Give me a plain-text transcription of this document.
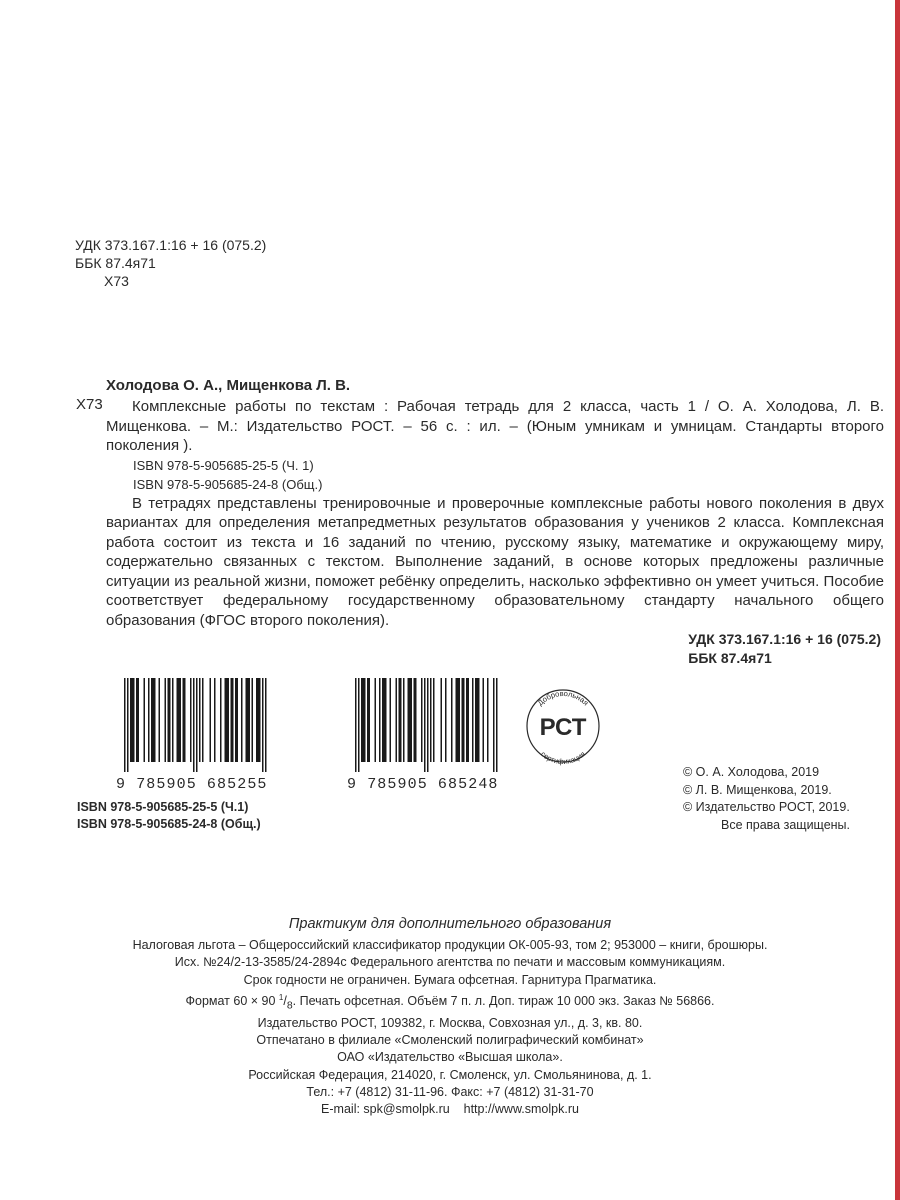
УДК 373.167.1:16 + 16 (075.2)
ББК 87.4я71
Х73
Холодова О. А., Мищенкова Л. В.
Х73	Комплексные работы по текстам : Рабочая тетрадь для 2 класса, часть 1 / О. А. Холодова, Л. В. Мищенкова. – М.: Издательство РОСТ. – 56 с. : ил. – (Юным умникам и умницам. Стандарты второго поколения ).

ISBN 978-5-905685-25-5 (Ч. 1)

ISBN 978-5-905685-24-8 (Общ.)

В тетрадях представлены тренировочные и проверочные комплексные работы нового поколения в двух вариантах для определения метапредметных результатов образования у учеников 2 класса. Комплексная работа состоит из текста и 16 заданий по чтению, русскому языку, математике и окружающему миру, содержательно связанных с текстом. Выполнение заданий, в основе которых предложены различные ситуации из реальной жизни, поможет ребёнку определить, насколько эффективно он умеет учиться. Пособие соответствует федеральному государственному образовательному стандарту начального общего образования (ФГОС второго поколения).

УДК 373.167.1:16 + 16 (075.2)
ББК 87.4я71
9 785905 685255	9 785905 685248
Добровольная
сертификация
РСТ
© О. А. Холодова, 2019
© Л. В. Мищенкова, 2019.
© Издательство РОСТ, 2019.
Все права защищены.
ISBN 978-5-905685-25-5 (Ч.1)
ISBN 978-5-905685-24-8 (Общ.)
Практикум для дополнительного образования
Налоговая льгота – Общероссийский классификатор продукции ОК-005-93, том 2; 953000 – книги, брошюры.
Исх. №24/2-13-3585/24-2894с Федерального агентства по печати и массовым коммуникациям.
Срок годности не ограничен. Бумага офсетная. Гарнитура Прагматика.
Формат 60 × 90 $^1/_8$. Печать офсетная. Объём 7 п. л. Доп. тираж 10 000 экз. Заказ № 56866.
Издательство РОСТ, 109382, г. Москва, Совхозная ул., д. 3, кв. 80.
Отпечатано в филиале «Смоленский полиграфический комбинат»
ОАО «Издательство «Высшая школа».
Российская Федерация, 214020, г. Смоленск, ул. Смольянинова, д. 1.
Тел.: +7 (4812) 31-11-96. Факс: +7 (4812) 31-31-70
E-mail: spk@smolpk.ru    http://www.smolpk.ru
